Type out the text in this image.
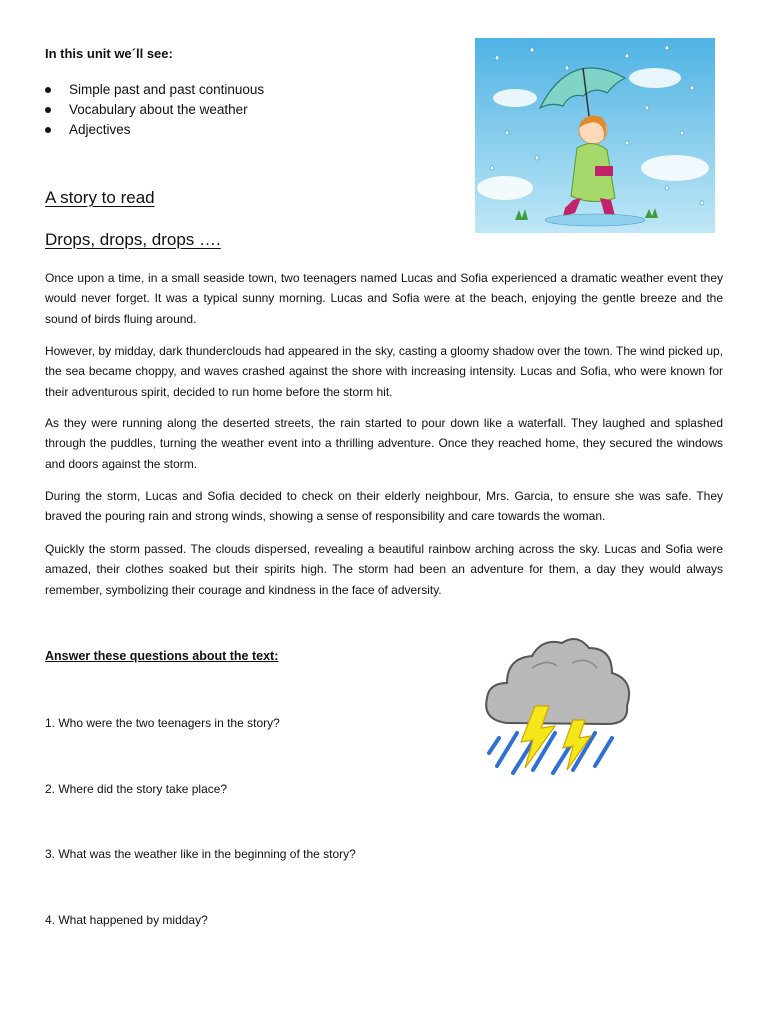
In this unit we´ll see:
Simple past and past continuous
Vocabulary about the weather
Adjectives
A story to read
Drops, drops, drops ….

Once upon a time, in a small seaside town, two teenagers named Lucas and Sofia experienced a dramatic weather event they would never forget. It was a typical sunny morning. Lucas and Sofia were at the beach, enjoying the gentle breeze and the sound of birds fluing around.

However, by midday, dark thunderclouds had appeared in the sky, casting a gloomy shadow over the town. The wind picked up, the sea became choppy, and waves crashed against the shore with increasing intensity. Lucas and Sofia, who were known for their adventurous spirit, decided to run home before the storm hit.

As they were running along the deserted streets, the rain started to pour down like a waterfall. They laughed and splashed through the puddles, turning the weather event into a thrilling adventure. Once they reached home, they secured the windows and doors against the storm.

During the storm, Lucas and Sofia decided to check on their elderly neighbour, Mrs. Garcia, to ensure she was safe. They braved the pouring rain and strong winds, showing a sense of responsibility and care towards the woman.

Quickly the storm passed. The clouds dispersed, revealing a beautiful rainbow arching across the sky. Lucas and Sofia were amazed, their clothes soaked but their spirits high. The storm had been an adventure for them, a day they would always remember, symbolizing their courage and kindness in the face of adversity.

Answer these questions about the text:
1. Who were the two teenagers in the story?
2. Where did the story take place?
3. What was the weather like in the beginning of the story?
4. What happened by midday?
